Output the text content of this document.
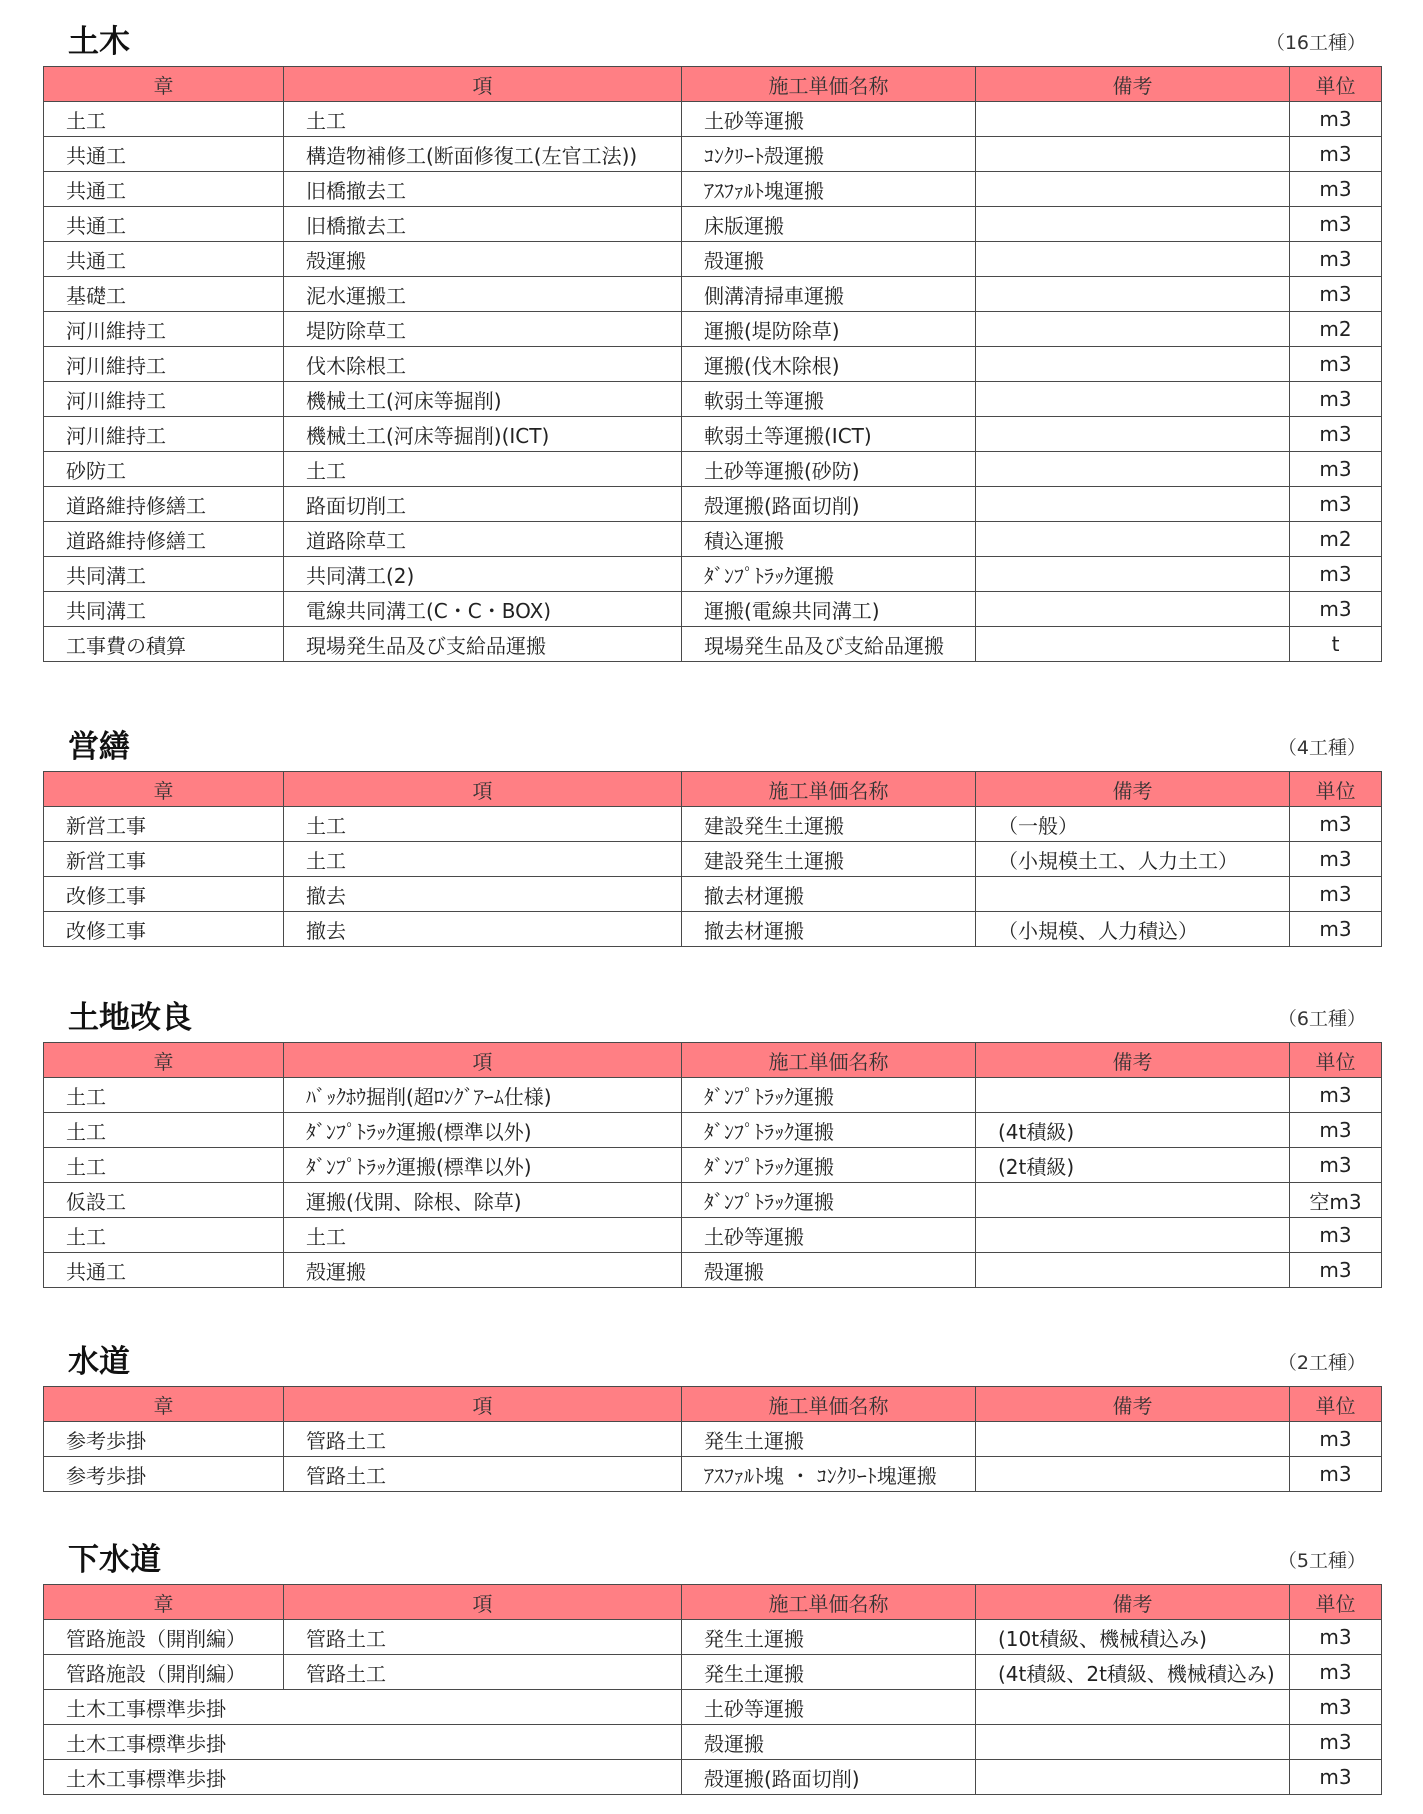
土木	（16工種）
章	項	施工単価名称	備考	単位
土工	土工	土砂等運搬		m3
共通工	構造物補修工(断面修復工(左官工法))	ｺﾝｸﾘｰﾄ殻運搬		m3
共通工	旧橋撤去工	ｱｽﾌｧﾙﾄ塊運搬		m3
共通工	旧橋撤去工	床版運搬		m3
共通工	殻運搬	殻運搬		m3
基礎工	泥水運搬工	側溝清掃車運搬		m3
河川維持工	堤防除草工	運搬(堤防除草)		m2
河川維持工	伐木除根工	運搬(伐木除根)		m3
河川維持工	機械土工(河床等掘削)	軟弱土等運搬		m3
河川維持工	機械土工(河床等掘削)(ICT)	軟弱土等運搬(ICT)		m3
砂防工	土工	土砂等運搬(砂防)		m3
道路維持修繕工	路面切削工	殻運搬(路面切削)		m3
道路維持修繕工	道路除草工	積込運搬		m2
共同溝工	共同溝工(2)	ﾀﾞﾝﾌﾟﾄﾗｯｸ運搬		m3
共同溝工	電線共同溝工(C・C・BOX)	運搬(電線共同溝工)		m3
工事費の積算	現場発生品及び支給品運搬	現場発生品及び支給品運搬		t
営繕	（4工種）
章	項	施工単価名称	備考	単位
新営工事	土工	建設発生土運搬	（一般）	m3
新営工事	土工	建設発生土運搬	（小規模土工、人力土工）	m3
改修工事	撤去	撤去材運搬		m3
改修工事	撤去	撤去材運搬	（小規模、人力積込）	m3
土地改良	（6工種）
章	項	施工単価名称	備考	単位
土工	ﾊﾞｯｸﾎｳ掘削(超ﾛﾝｸﾞｱｰﾑ仕様)	ﾀﾞﾝﾌﾟﾄﾗｯｸ運搬		m3
土工	ﾀﾞﾝﾌﾟﾄﾗｯｸ運搬(標準以外)	ﾀﾞﾝﾌﾟﾄﾗｯｸ運搬	(4t積級)	m3
土工	ﾀﾞﾝﾌﾟﾄﾗｯｸ運搬(標準以外)	ﾀﾞﾝﾌﾟﾄﾗｯｸ運搬	(2t積級)	m3
仮設工	運搬(伐開、除根、除草)	ﾀﾞﾝﾌﾟﾄﾗｯｸ運搬		空m3
土工	土工	土砂等運搬		m3
共通工	殻運搬	殻運搬		m3
水道	（2工種）
章	項	施工単価名称	備考	単位
参考歩掛	管路土工	発生土運搬		m3
参考歩掛	管路土工	ｱｽﾌｧﾙﾄ塊 ・ ｺﾝｸﾘｰﾄ塊運搬		m3
下水道	（5工種）
章	項	施工単価名称	備考	単位
管路施設（開削編）	管路土工	発生土運搬	(10t積級、機械積込み)	m3
管路施設（開削編）	管路土工	発生土運搬	(4t積級、2t積級、機械積込み)	m3
土木工事標準歩掛		土砂等運搬		m3
土木工事標準歩掛		殻運搬		m3
土木工事標準歩掛		殻運搬(路面切削)		m3
